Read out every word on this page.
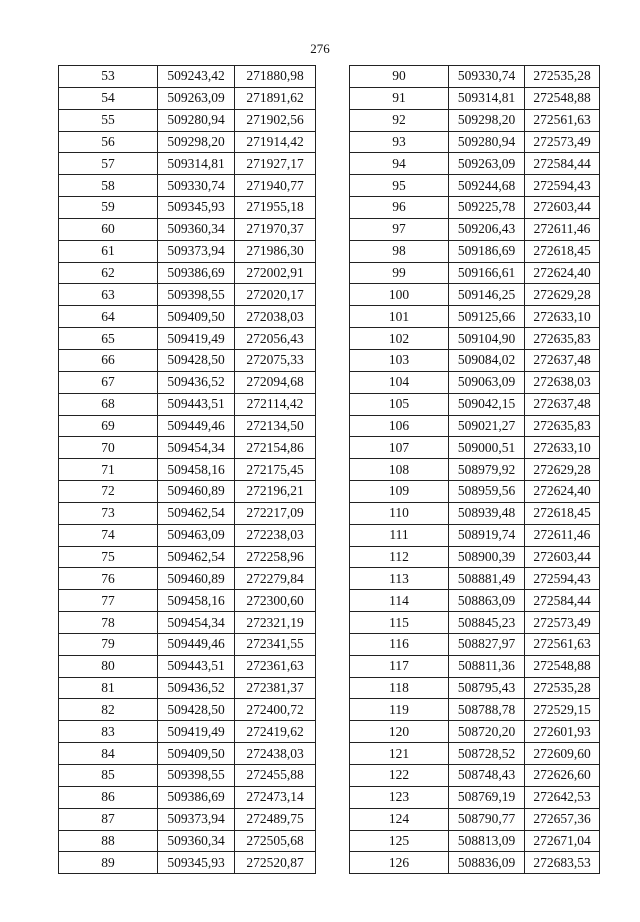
276
53	509243,42	271880,98
54	509263,09	271891,62
55	509280,94	271902,56
56	509298,20	271914,42
57	509314,81	271927,17
58	509330,74	271940,77
59	509345,93	271955,18
60	509360,34	271970,37
61	509373,94	271986,30
62	509386,69	272002,91
63	509398,55	272020,17
64	509409,50	272038,03
65	509419,49	272056,43
66	509428,50	272075,33
67	509436,52	272094,68
68	509443,51	272114,42
69	509449,46	272134,50
70	509454,34	272154,86
71	509458,16	272175,45
72	509460,89	272196,21
73	509462,54	272217,09
74	509463,09	272238,03
75	509462,54	272258,96
76	509460,89	272279,84
77	509458,16	272300,60
78	509454,34	272321,19
79	509449,46	272341,55
80	509443,51	272361,63
81	509436,52	272381,37
82	509428,50	272400,72
83	509419,49	272419,62
84	509409,50	272438,03
85	509398,55	272455,88
86	509386,69	272473,14
87	509373,94	272489,75
88	509360,34	272505,68
89	509345,93	272520,87
90	509330,74	272535,28
91	509314,81	272548,88
92	509298,20	272561,63
93	509280,94	272573,49
94	509263,09	272584,44
95	509244,68	272594,43
96	509225,78	272603,44
97	509206,43	272611,46
98	509186,69	272618,45
99	509166,61	272624,40
100	509146,25	272629,28
101	509125,66	272633,10
102	509104,90	272635,83
103	509084,02	272637,48
104	509063,09	272638,03
105	509042,15	272637,48
106	509021,27	272635,83
107	509000,51	272633,10
108	508979,92	272629,28
109	508959,56	272624,40
110	508939,48	272618,45
111	508919,74	272611,46
112	508900,39	272603,44
113	508881,49	272594,43
114	508863,09	272584,44
115	508845,23	272573,49
116	508827,97	272561,63
117	508811,36	272548,88
118	508795,43	272535,28
119	508788,78	272529,15
120	508720,20	272601,93
121	508728,52	272609,60
122	508748,43	272626,60
123	508769,19	272642,53
124	508790,77	272657,36
125	508813,09	272671,04
126	508836,09	272683,53
